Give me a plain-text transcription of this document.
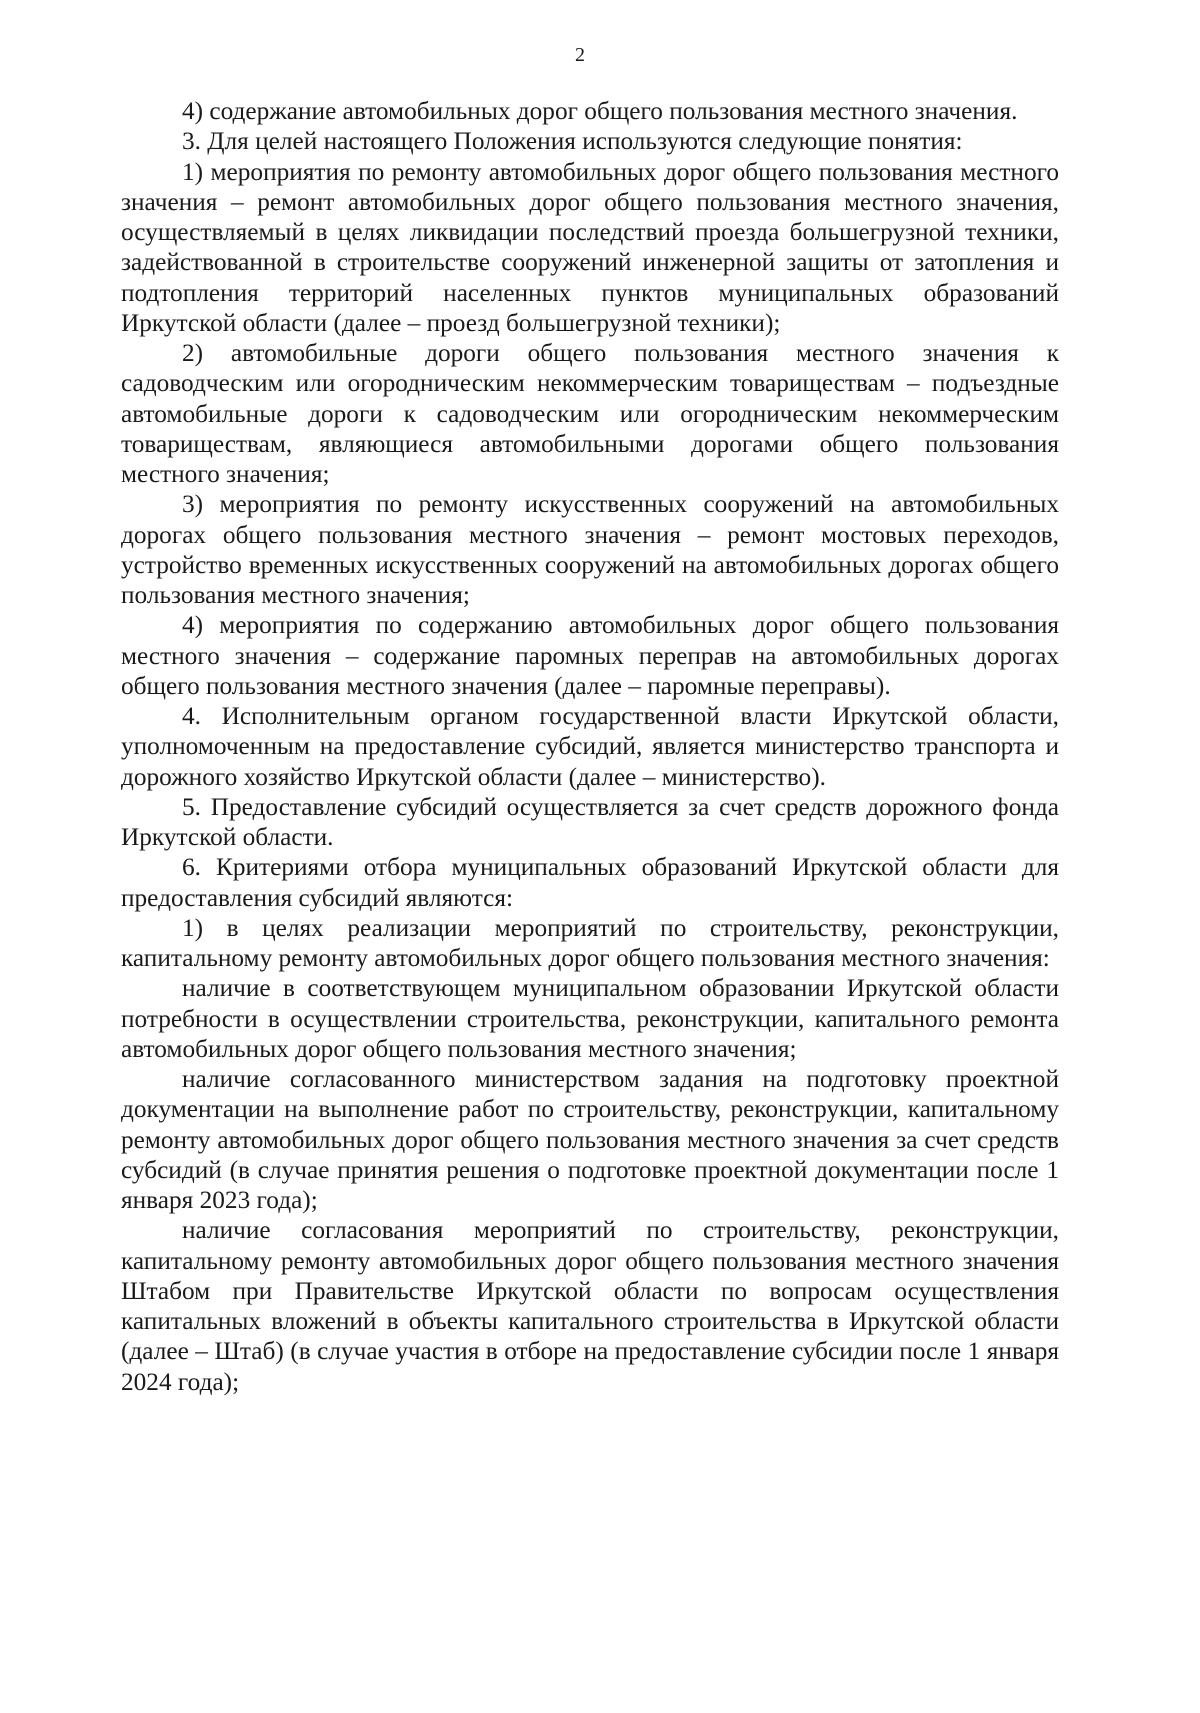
2

4) содержание автомобильных дорог общего пользования местного значения.

3. Для целей настоящего Положения используются следующие понятия:

1) мероприятия по ремонту автомобильных дорог общего пользования местного значения – ремонт автомобильных дорог общего пользования местного значения, осуществляемый в целях ликвидации последствий проезда большегрузной техники, задействованной в строительстве сооружений инженерной защиты от затопления и подтопления территорий населенных пунктов муниципальных образований Иркутской области (далее – проезд большегрузной техники);

2) автомобильные дороги общего пользования местного значения к садоводческим или огородническим некоммерческим товариществам – подъездные автомобильные дороги к садоводческим или огородническим некоммерческим товариществам, являющиеся автомобильными дорогами общего пользования местного значения;

3) мероприятия по ремонту искусственных сооружений на автомобильных дорогах общего пользования местного значения – ремонт мостовых переходов, устройство временных искусственных сооружений на автомобильных дорогах общего пользования местного значения;

4) мероприятия по содержанию автомобильных дорог общего пользования местного значения – содержание паромных переправ на автомобильных дорогах общего пользования местного значения (далее – паромные переправы).

4. Исполнительным органом государственной власти Иркутской области, уполномоченным на предоставление субсидий, является министерство транспорта и дорожного хозяйство Иркутской области (далее – министерство).

5. Предоставление субсидий осуществляется за счет средств дорожного фонда Иркутской области.

6. Критериями отбора муниципальных образований Иркутской области для предоставления субсидий являются:

1) в целях реализации мероприятий по строительству, реконструкции, капитальному ремонту автомобильных дорог общего пользования местного значения:

наличие в соответствующем муниципальном образовании Иркутской области потребности в осуществлении строительства, реконструкции, капитального ремонта автомобильных дорог общего пользования местного значения;

наличие согласованного министерством задания на подготовку проектной документации на выполнение работ по строительству, реконструкции, капитальному ремонту автомобильных дорог общего пользования местного значения за счет средств субсидий (в случае принятия решения о подготовке проектной документации после 1 января 2023 года);

наличие согласования мероприятий по строительству, реконструкции, капитальному ремонту автомобильных дорог общего пользования местного значения Штабом при Правительстве Иркутской области по вопросам осуществления капитальных вложений в объекты капитального строительства в Иркутской области (далее – Штаб) (в случае участия в отборе на предоставление субсидии после 1 января 2024 года);
